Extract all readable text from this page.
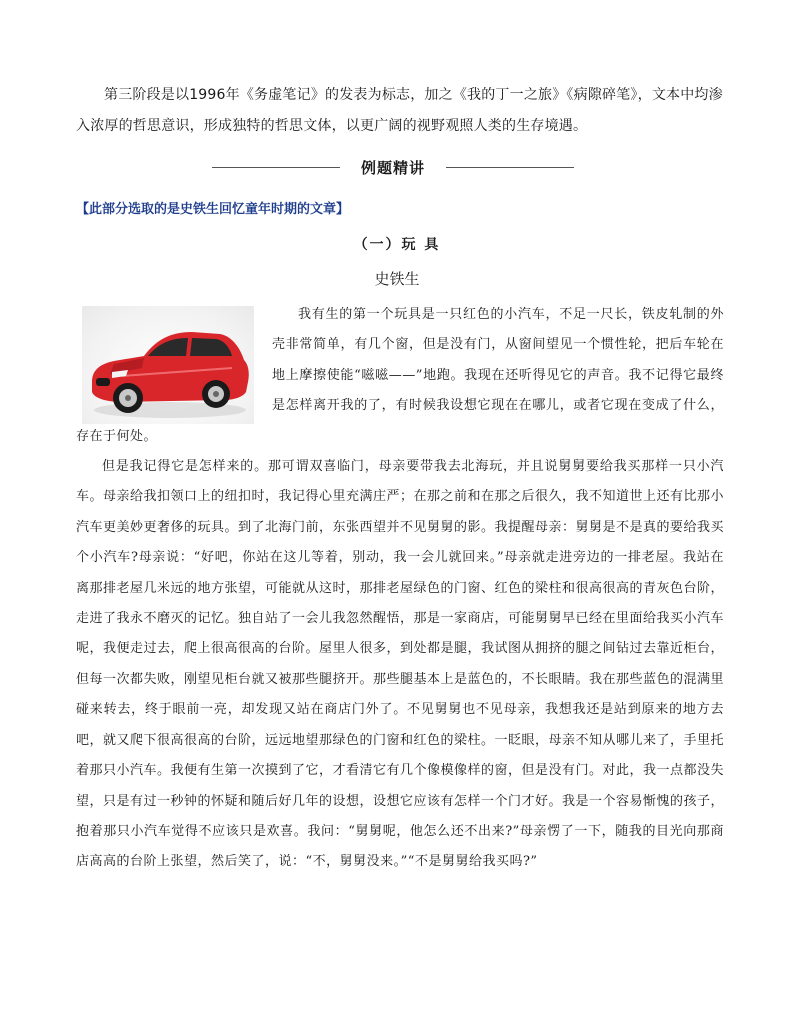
第三阶段是以1996年《务虚笔记》的发表为标志，加之《我的丁一之旅》《病隙碎笔》，文本中均渗入浓厚的哲思意识，形成独特的哲思文体，以更广阔的视野观照人类的生存境遇。

例题精讲

【此部分选取的是史铁生回忆童年时期的文章】

（一）玩 具

史铁生

我有生的第一个玩具是一只红色的小汽车，不足一尺长，铁皮轧制的外壳非常简单，有几个窗，但是没有门，从窗间望见一个惯性轮，把后车轮在地上摩擦使能“嗞嗞——”地跑。我现在还听得见它的声音。我不记得它最终是怎样离开我的了，有时候我设想它现在在哪儿，或者它现在变成了什么，存在于何处。

但是我记得它是怎样来的。那可谓双喜临门，母亲要带我去北海玩，并且说舅舅要给我买那样一只小汽车。母亲给我扣领口上的纽扣时，我记得心里充满庄严；在那之前和在那之后很久，我不知道世上还有比那小汽车更美妙更奢侈的玩具。到了北海门前，东张西望并不见舅舅的影。我提醒母亲：舅舅是不是真的要给我买个小汽车?母亲说：“好吧，你站在这儿等着，别动，我一会儿就回来。”母亲就走进旁边的一排老屋。我站在离那排老屋几米远的地方张望，可能就从这时，那排老屋绿色的门窗、红色的梁柱和很高很高的青灰色台阶，走进了我永不磨灭的记忆。独自站了一会儿我忽然醒悟，那是一家商店，可能舅舅早已经在里面给我买小汽车呢，我便走过去，爬上很高很高的台阶。屋里人很多，到处都是腿，我试图从拥挤的腿之间钻过去靠近柜台，但每一次都失败，刚望见柜台就又被那些腿挤开。那些腿基本上是蓝色的，不长眼睛。我在那些蓝色的混满里碰来转去，终于眼前一亮，却发现又站在商店门外了。不见舅舅也不见母亲，我想我还是站到原来的地方去吧，就又爬下很高很高的台阶，远远地望那绿色的门窗和红色的梁柱。一眨眼，母亲不知从哪儿来了，手里托着那只小汽车。我便有生第一次摸到了它，才看清它有几个像模像样的窗，但是没有门。对此，我一点都没失望，只是有过一秒钟的怀疑和随后好几年的设想，设想它应该有怎样一个门才好。我是一个容易惭愧的孩子，抱着那只小汽车觉得不应该只是欢喜。我问：“舅舅呢，他怎么还不出来?”母亲愣了一下，随我的目光向那商店高高的台阶上张望，然后笑了，说：“不，舅舅没来。”“不是舅舅给我买吗?”
